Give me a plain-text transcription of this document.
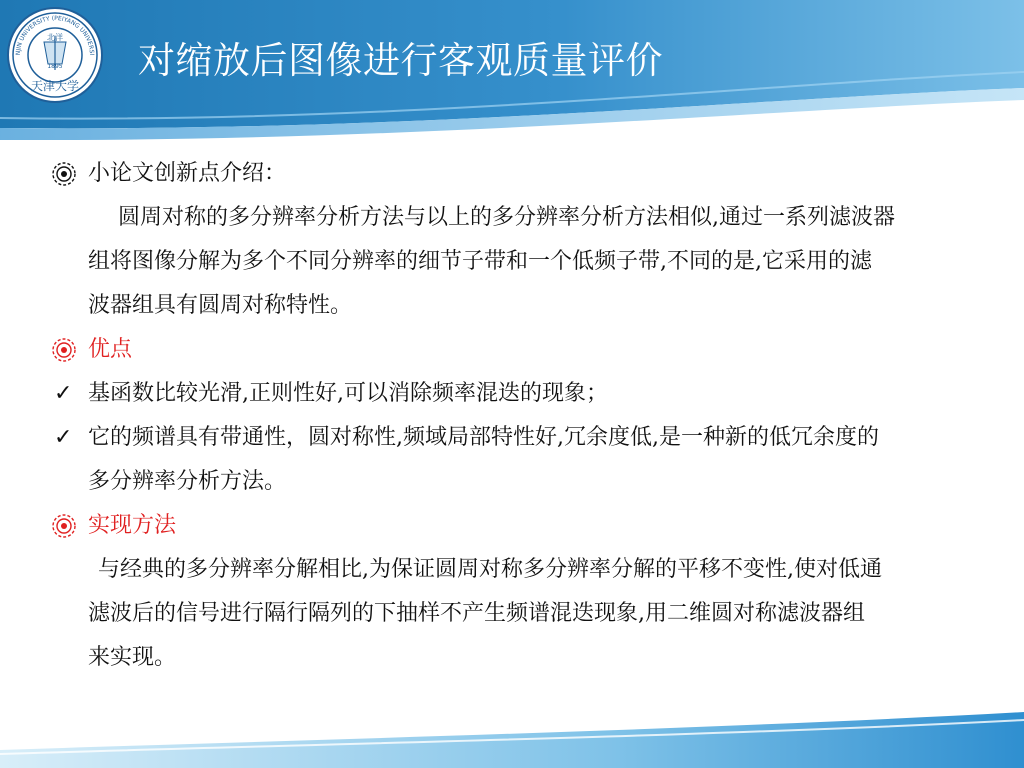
北洋
1895
天津大学
NJIN UNIVERSITY (PEIYANG UNIVERSI 对缩放后图像进行客观质量评价
小论文创新点介绍：
圆周对称的多分辨率分析方法与以上的多分辨率分析方法相似,通过一系列滤波器
组将图像分解为多个不同分辨率的细节子带和一个低频子带,不同的是,它采用的滤
波器组具有圆周对称特性。
优点
✓ 基函数比较光滑,正则性好,可以消除频率混迭的现象；
✓ 它的频谱具有带通性，圆对称性,频域局部特性好,冗余度低,是一种新的低冗余度的
多分辨率分析方法。
实现方法
与经典的多分辨率分解相比,为保证圆周对称多分辨率分解的平移不变性,使对低通
滤波后的信号进行隔行隔列的下抽样不产生频谱混迭现象,用二维圆对称滤波器组
来实现。
